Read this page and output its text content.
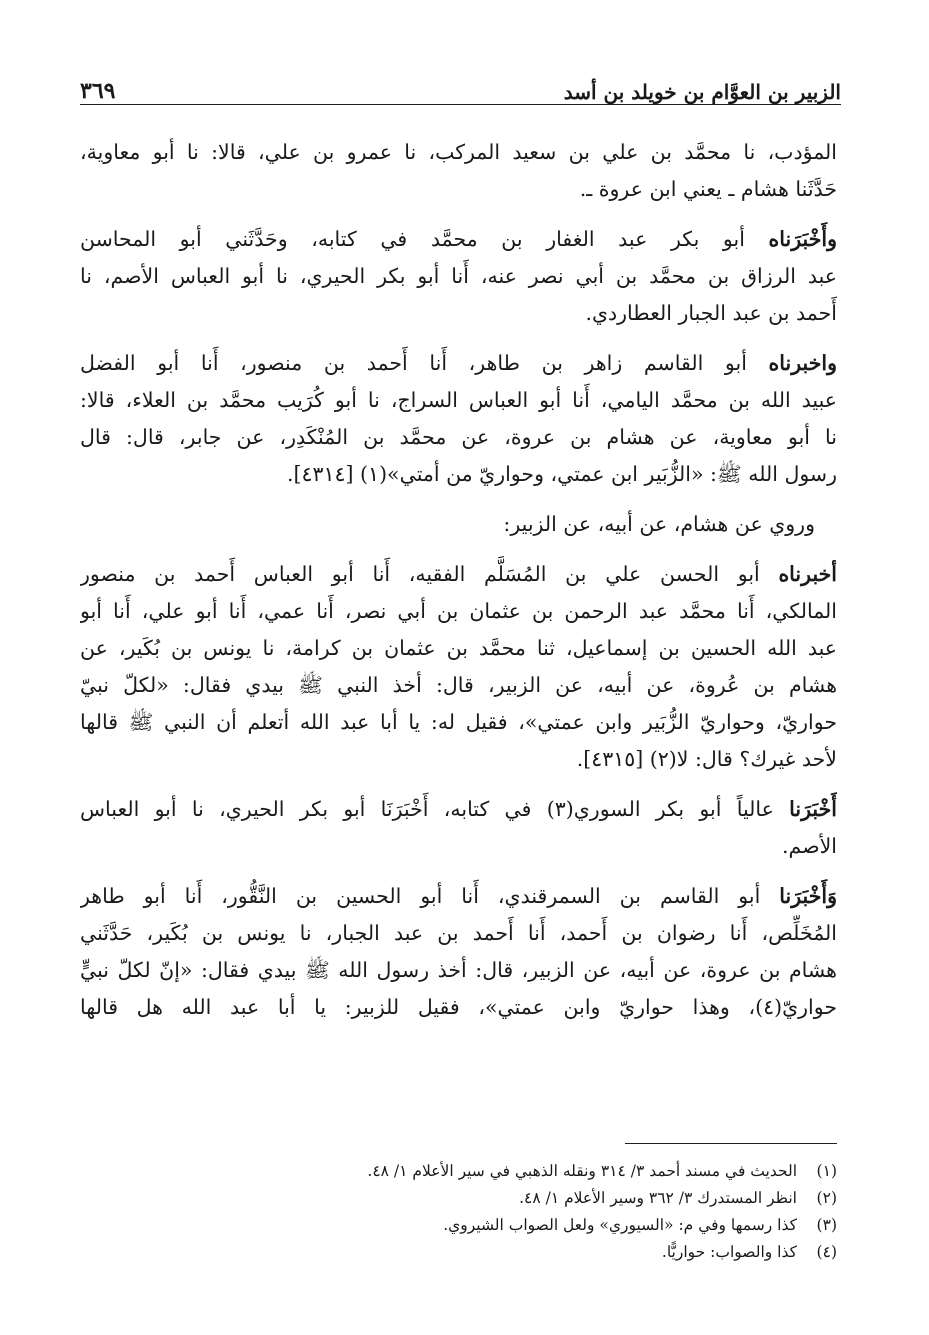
الزبير بن العوَّام بن خويلد بن أسد
٣٦٩
المؤدب، نا محمَّد بن علي بن سعيد المركب، نا عمرو بن علي، قالا: نا أبو معاوية،
حَدَّثَنا هشام ـ يعني ابن عروة ـ.
وأَخْبَرَناه أبو بكر عبد الغفار بن محمَّد في كتابه، وحَدَّثَني أبو المحاسن
عبد الرزاق بن محمَّد بن أبي نصر عنه، أَنا أبو بكر الحيري، نا أبو العباس الأصم، نا
أَحمد بن عبد الجبار العطاردي.
واخبرناه أبو القاسم زاهر بن طاهر، أَنا أَحمد بن منصور، أَنا أبو الفضل
عبيد الله بن محمَّد اليامي، أَنا أبو العباس السراج، نا أبو كُرَيب محمَّد بن العلاء، قالا:
نا أبو معاوية، عن هشام بن عروة، عن محمَّد بن المُنْكَدِر، عن جابر، قال: قال
رسول الله ﷺ: «الزُّبَير ابن عمتي، وحواريّ من أمتي»(١) [٤٣١٤].
وروي عن هشام، عن أبيه، عن الزبير:
أخبرناه أبو الحسن علي بن المُسَلَّم الفقيه، أَنا أبو العباس أَحمد بن منصور
المالكي، أَنا محمَّد عبد الرحمن بن عثمان بن أبي نصر، أَنا عمي، أَنا أبو علي، أَنا أبو
عبد الله الحسين بن إسماعيل، ثنا محمَّد بن عثمان بن كرامة، نا يونس بن بُكَير، عن
هشام بن عُروة، عن أبيه، عن الزبير، قال: أخذ النبي ﷺ بيدي فقال: «لكلّ نبيّ
حواريّ، وحواريّ الزُّبَير وابن عمتي»، فقيل له: يا أبا عبد الله أتعلم أن النبي ﷺ قالها
لأحد غيرك؟ قال: لا(٢) [٤٣١٥].
أَخْبَرَنا عالياً أبو بكر السوري(٣) في كتابه، أَخْبَرَنَا أبو بكر الحيري، نا أبو العباس
الأصم.
وَأَخْبَرَنا أبو القاسم بن السمرقندي، أَنا أبو الحسين بن النَّقُّور، أَنا أبو طاهر
المُخَلِّص، أَنا رضوان بن أَحمد، أَنا أَحمد بن عبد الجبار، نا يونس بن بُكَير، حَدَّثَني
هشام بن عروة، عن أبيه، عن الزبير، قال: أخذ رسول الله ﷺ بيدي فقال: «إنّ لكلّ نبيٍّ
حواريّ(٤)، وهذا حواريّ وابن عمتي»، فقيل للزبير: يا أبا عبد الله هل قالها
(١)
الحديث في مسند أحمد ٣/ ٣١٤ ونقله الذهبي في سير الأعلام ١/ ٤٨.
(٢)
انظر المستدرك ٣/ ٣٦٢ وسير الأعلام ١/ ٤٨.
(٣)
كذا رسمها وفي م: «السيوري» ولعل الصواب الشيروي.
(٤)
كذا والصواب: حواريًّا.
